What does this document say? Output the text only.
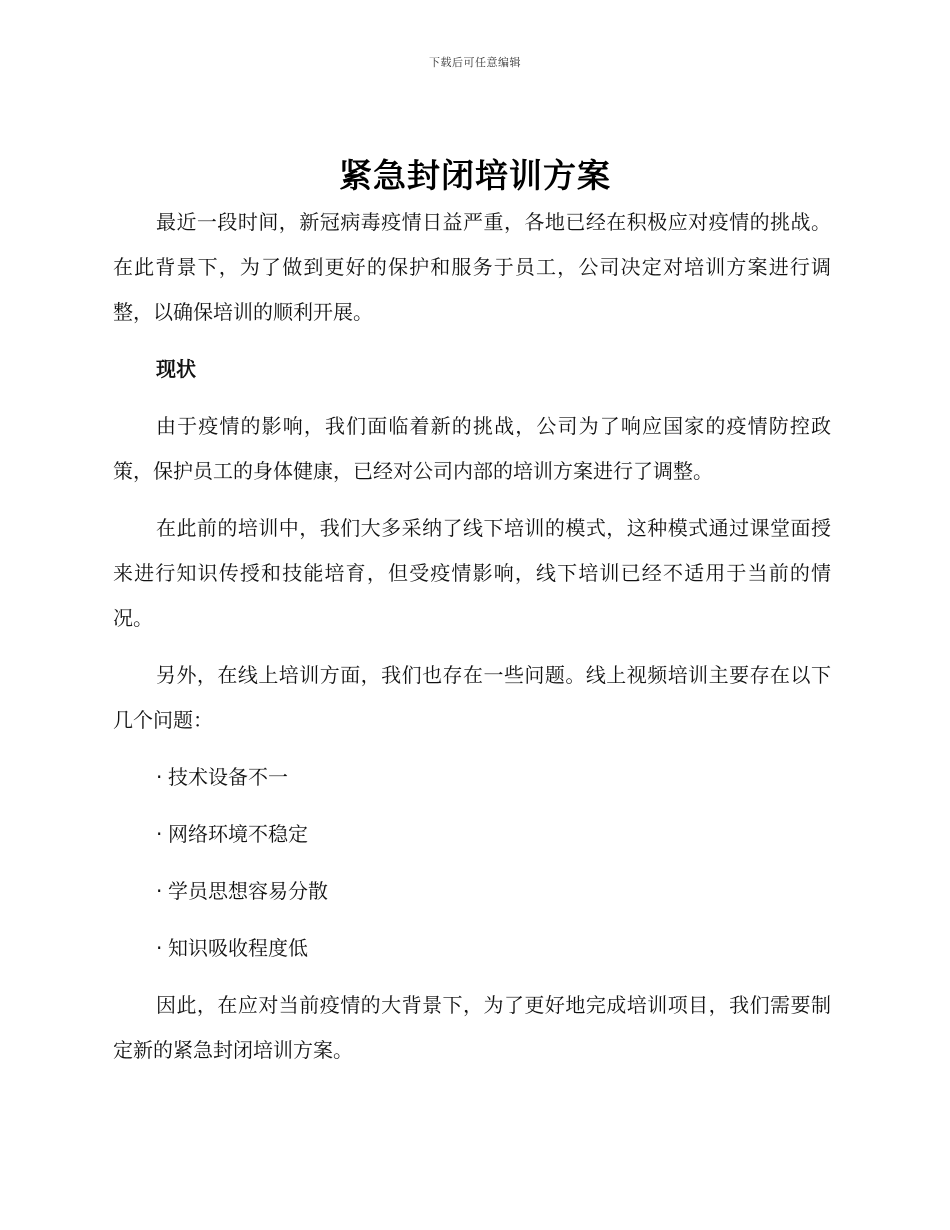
下载后可任意编辑
紧急封闭培训方案

最近一段时间，新冠病毒疫情日益严重，各地已经在积极应对疫情的挑战。在此背景下，为了做到更好的保护和服务于员工，公司决定对培训方案进行调整，以确保培训的顺利开展。

现状

由于疫情的影响，我们面临着新的挑战，公司为了响应国家的疫情防控政策，保护员工的身体健康，已经对公司内部的培训方案进行了调整。

在此前的培训中，我们大多采纳了线下培训的模式，这种模式通过课堂面授来进行知识传授和技能培育，但受疫情影响，线下培训已经不适用于当前的情况。

另外，在线上培训方面，我们也存在一些问题。线上视频培训主要存在以下几个问题：

· 技术设备不一
· 网络环境不稳定
· 学员思想容易分散
· 知识吸收程度低

因此，在应对当前疫情的大背景下，为了更好地完成培训项目，我们需要制定新的紧急封闭培训方案。
